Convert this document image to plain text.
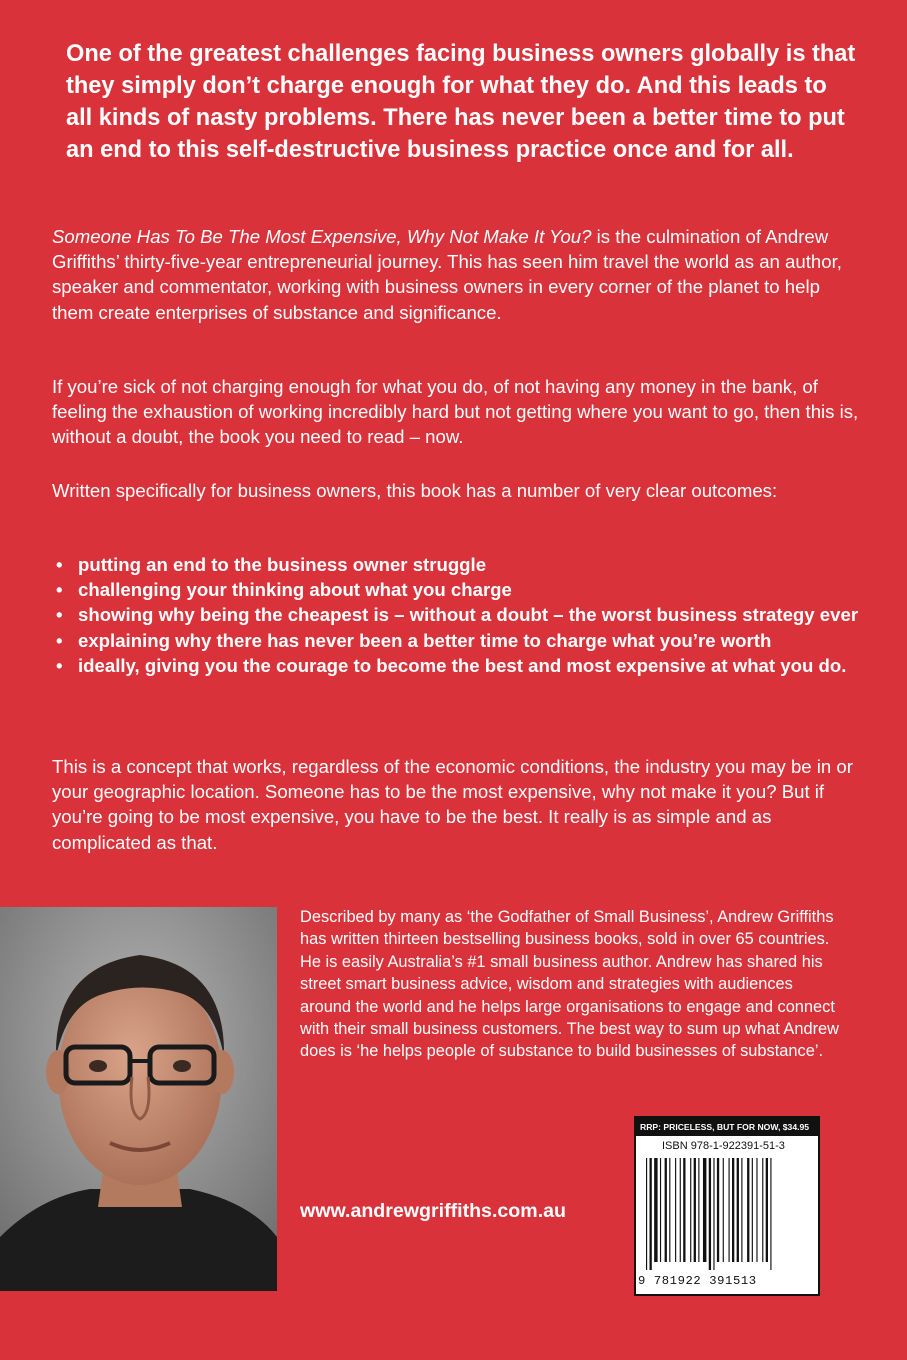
One of the greatest challenges facing business owners globally is that they simply don’t charge enough for what they do. And this leads to all kinds of nasty problems. There has never been a better time to put an end to this self-destructive business practice once and for all.

Someone Has To Be The Most Expensive, Why Not Make It You? is the culmination of Andrew Griffiths’ thirty-five-year entrepreneurial journey. This has seen him travel the world as an author, speaker and commentator, working with business owners in every corner of the planet to help them create enterprises of substance and significance.

If you’re sick of not charging enough for what you do, of not having any money in the bank, of feeling the exhaustion of working incredibly hard but not getting where you want to go, then this is, without a doubt, the book you need to read – now.

Written specifically for business owners, this book has a number of very clear outcomes:

• putting an end to the business owner struggle
• challenging your thinking about what you charge
• showing why being the cheapest is – without a doubt – the worst business strategy ever
• explaining why there has never been a better time to charge what you’re worth
• ideally, giving you the courage to become the best and most expensive at what you do.

This is a concept that works, regardless of the economic conditions, the industry you may be in or your geographic location. Someone has to be the most expensive, why not make it you? But if you’re going to be most expensive, you have to be the best. It really is as simple and as complicated as that.

Described by many as ‘the Godfather of Small Business’, Andrew Griffiths has written thirteen bestselling business books, sold in over 65 countries. He is easily Australia’s #1 small business author. Andrew has shared his street smart business advice, wisdom and strategies with audiences around the world and he helps large organisations to engage and connect with their small business customers. The best way to sum up what Andrew does is ‘he helps people of substance to build businesses of substance’.

www.andrewgriffiths.com.au

RRP: PRICELESS, BUT FOR NOW, $34.95
ISBN 978-1-922391-51-3
9 781922 391513
